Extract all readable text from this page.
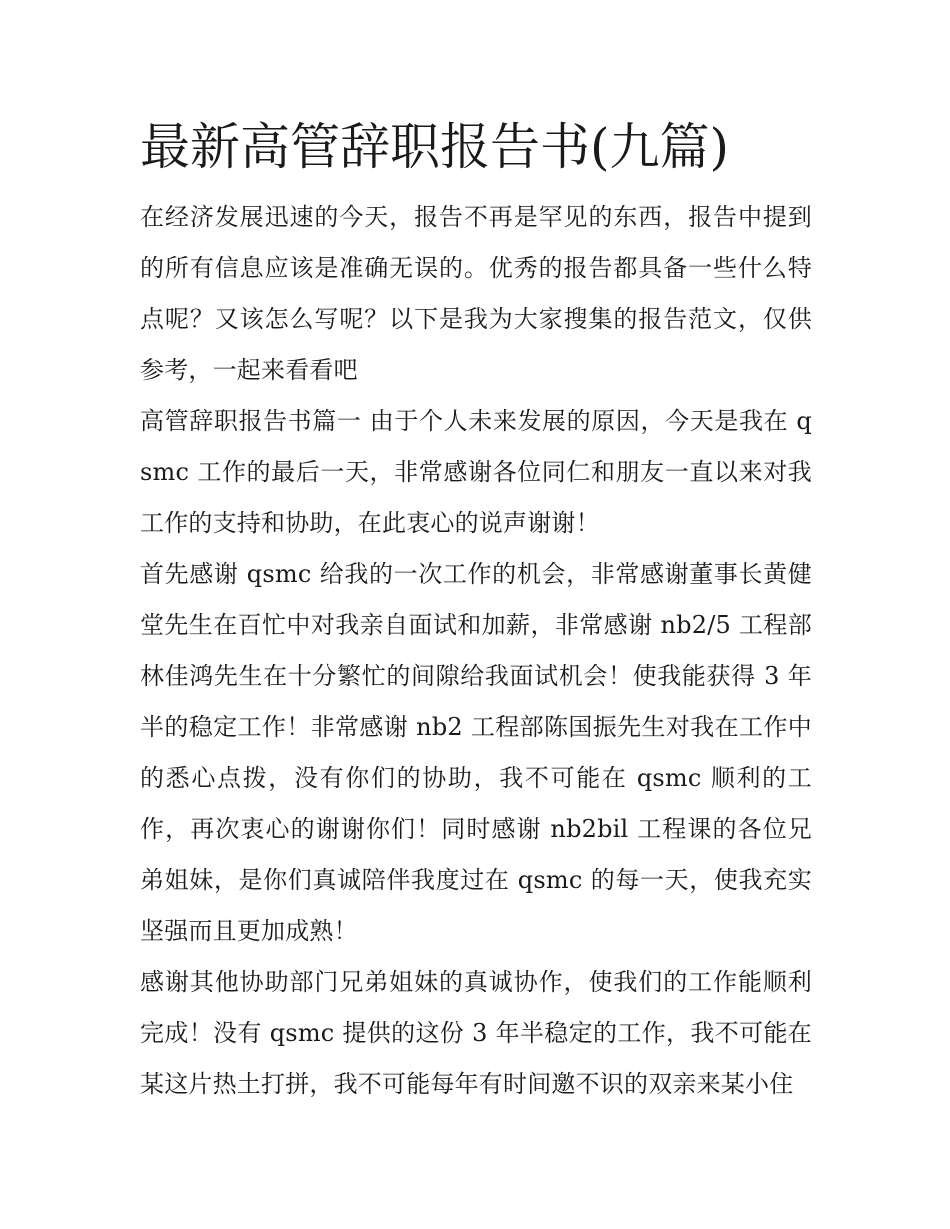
最新高管辞职报告书(九篇)

在经济发展迅速的今天，报告不再是罕见的东西，报告中提到的所有信息应该是准确无误的。优秀的报告都具备一些什么特点呢？又该怎么写呢？以下是我为大家搜集的报告范文，仅供参考，一起来看看吧

高管辞职报告书篇一 由于个人未来发展的原因，今天是我在 qsmc 工作的最后一天，非常感谢各位同仁和朋友一直以来对我工作的支持和协助，在此衷心的说声谢谢！

首先感谢 qsmc 给我的一次工作的机会，非常感谢董事长黄健堂先生在百忙中对我亲自面试和加薪，非常感谢 nb2/5 工程部林佳鸿先生在十分繁忙的间隙给我面试机会！使我能获得 3 年半的稳定工作！非常感谢 nb2 工程部陈国振先生对我在工作中的悉心点拨，没有你们的协助，我不可能在 qsmc 顺利的工作，再次衷心的谢谢你们！同时感谢 nb2bil 工程课的各位兄弟姐妹，是你们真诚陪伴我度过在 qsmc 的每一天，使我充实坚强而且更加成熟！

感谢其他协助部门兄弟姐妹的真诚协作，使我们的工作能顺利完成！没有 qsmc 提供的这份 3 年半稳定的工作，我不可能在某这片热土打拼，我不可能每年有时间邀不识的双亲来某小住
